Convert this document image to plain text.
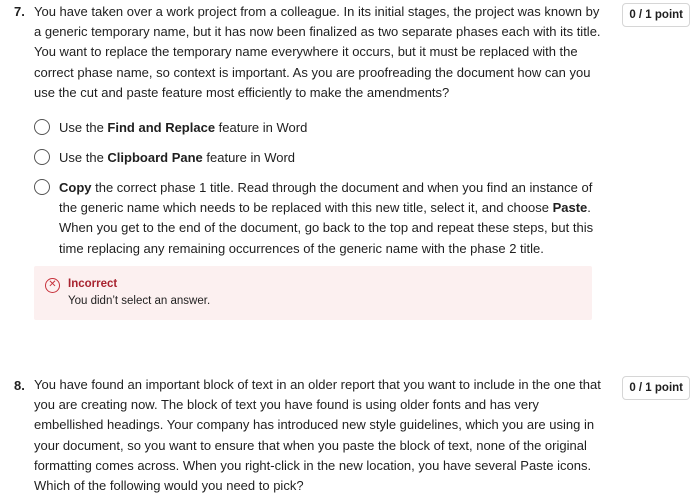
7. You have taken over a work project from a colleague. In its initial stages, the project was known by a generic temporary name, but it has now been finalized as two separate phases each with its title. You want to replace the temporary name everywhere it occurs, but it must be replaced with the correct phase name, so context is important. As you are proofreading the document how can you use the cut and paste feature most efficiently to make the amendments?
0 / 1 point
Use the Find and Replace feature in Word
Use the Clipboard Pane feature in Word
Copy the correct phase 1 title. Read through the document and when you find an instance of the generic name which needs to be replaced with this new title, select it, and choose Paste. When you get to the end of the document, go back to the top and repeat these steps, but this time replacing any remaining occurrences of the generic name with the phase 2 title.
✕ Incorrect
You didn’t select an answer.
8. You have found an important block of text in an older report that you want to include in the one that you are creating now. The block of text you have found is using older fonts and has very embellished headings. Your company has introduced new style guidelines, which you are using in your document, so you want to ensure that when you paste the block of text, none of the original formatting comes across. When you right-click in the new location, you have several Paste icons. Which of the following would you need to pick?
0 / 1 point
